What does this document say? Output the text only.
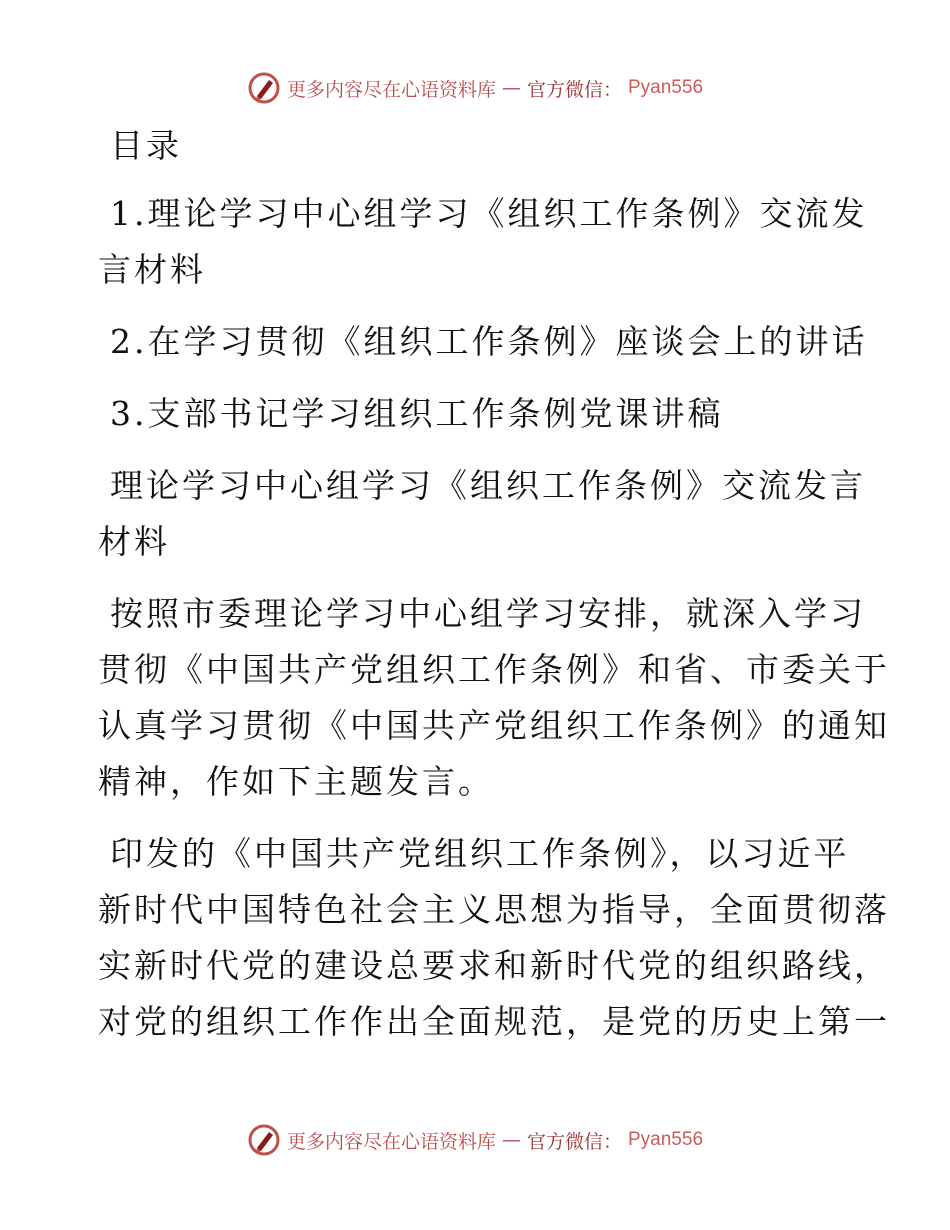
更多内容尽在心语资料库 — 官方微信： Pyan556
目录
1.理论学习中心组学习《组织工作条例》交流发
言材料
2.在学习贯彻《组织工作条例》座谈会上的讲话
3.支部书记学习组织工作条例党课讲稿
理论学习中心组学习《组织工作条例》交流发言
材料
按照市委理论学习中心组学习安排，就深入学习
贯彻《中国共产党组织工作条例》和省、市委关于
认真学习贯彻《中国共产党组织工作条例》的通知
精神，作如下主题发言。
印发的《中国共产党组织工作条例》，以习近平
新时代中国特色社会主义思想为指导，全面贯彻落
实新时代党的建设总要求和新时代党的组织路线，
对党的组织工作作出全面规范，是党的历史上第一
更多内容尽在心语资料库 — 官方微信： Pyan556
